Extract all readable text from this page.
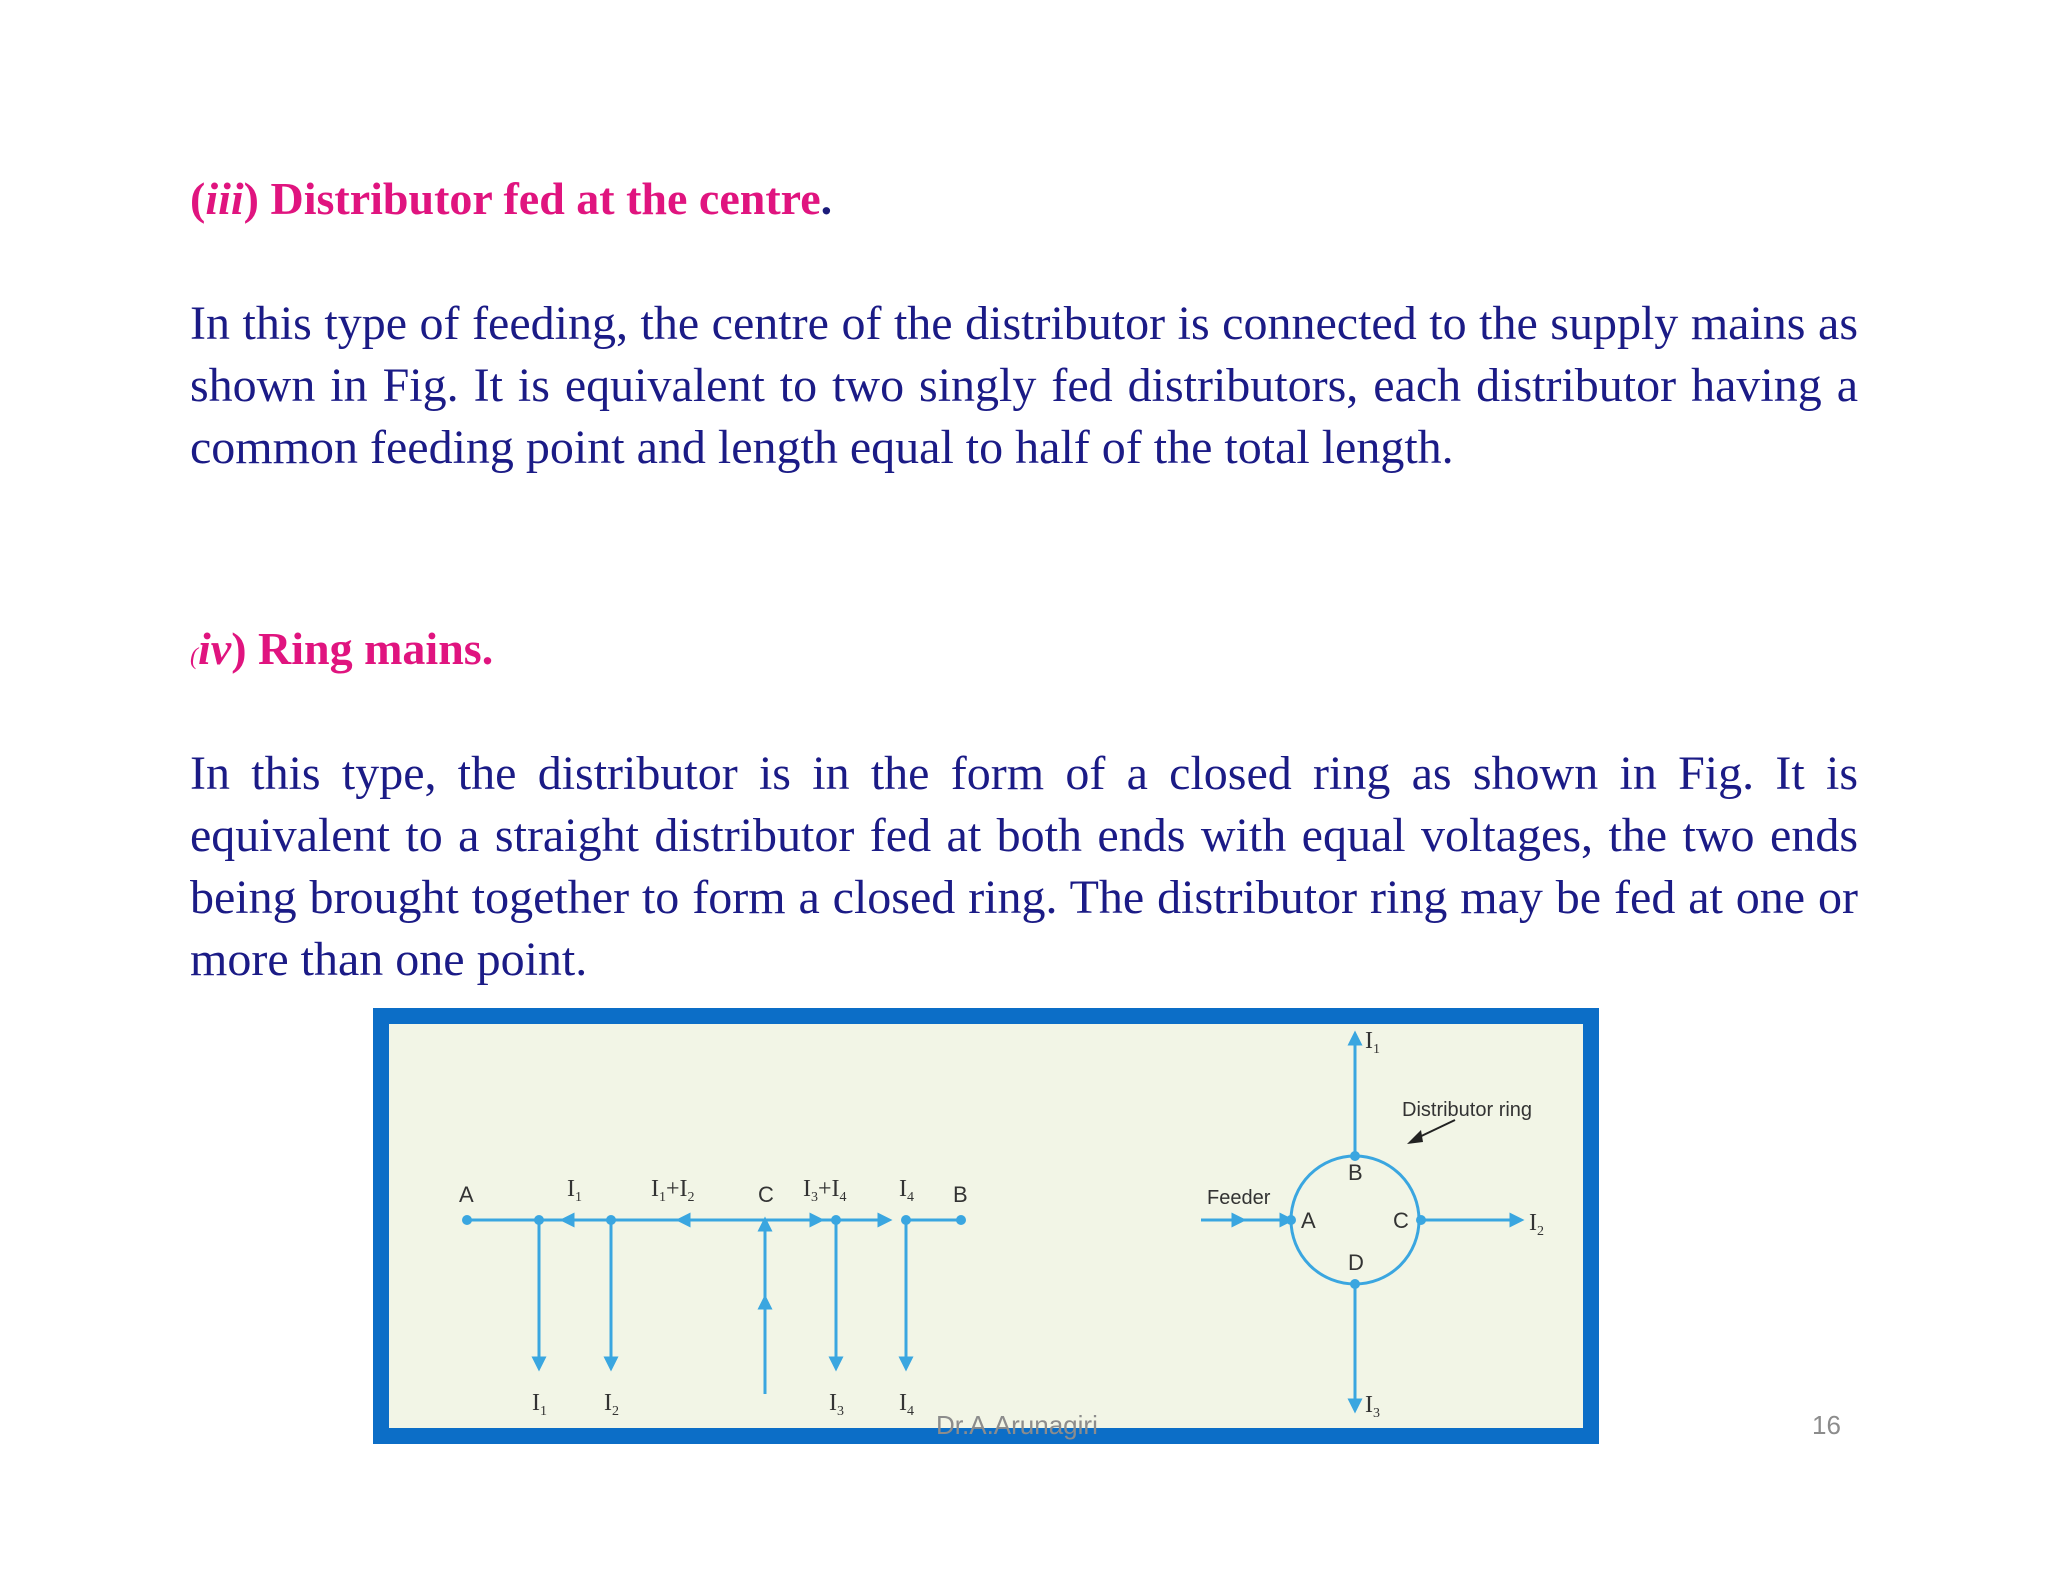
(iii) Distributor fed at the centre.
In this type of feeding, the centre of the distributor is connected to the supply mains as shown in Fig. It is equivalent to two singly fed distributors, each distributor having a common feeding point and length equal to half of the total length.
(iv) Ring mains.
In this type, the distributor is in the form of a closed ring as shown in Fig. It is equivalent to a straight distributor fed at both ends with equal voltages, the two ends being brought together to form a closed ring. The distributor ring may be fed at one or more than one point.
A	$I_1$	$I_1+I_2$	C $I_3+I_4$ $I_4$ B
$I_1$ $I_2$	$I_3$ $I_4$
Distributor ring
Feeder
A
B
C
D
$I_1$
$I_2$
$I_3$
Dr.A.Arunagiri	16
